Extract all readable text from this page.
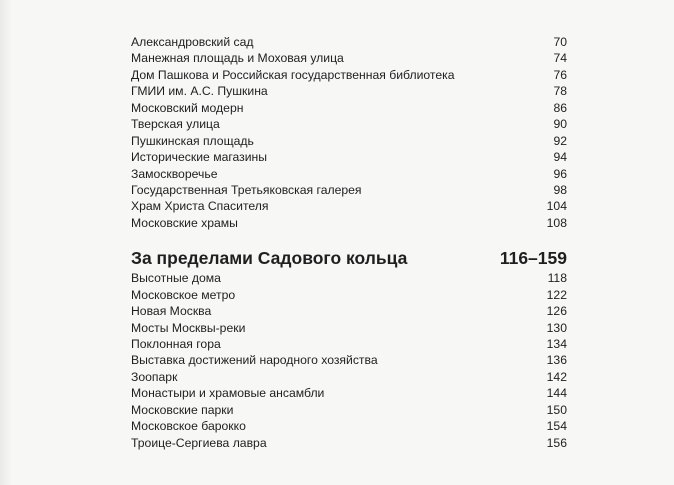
Александровский сад	70
Манежная площадь и Моховая улица	74
Дом Пашкова и Российская государственная библиотека	76
ГМИИ им. А.С. Пушкина	78
Московский модерн	86
Тверская улица	90
Пушкинская площадь	92
Исторические магазины	94
Замоскворечье	96
Государственная Третьяковская галерея	98
Храм Христа Спасителя	104
Московские храмы	108
За пределами Садового кольца	116–159
Высотные дома	118
Московское метро	122
Новая Москва	126
Мосты Москвы-реки	130
Поклонная гора	134
Выставка достижений народного хозяйства	136
Зоопарк	142
Монастыри и храмовые ансамбли	144
Московские парки	150
Московское барокко	154
Троице-Сергиева лавра	156
